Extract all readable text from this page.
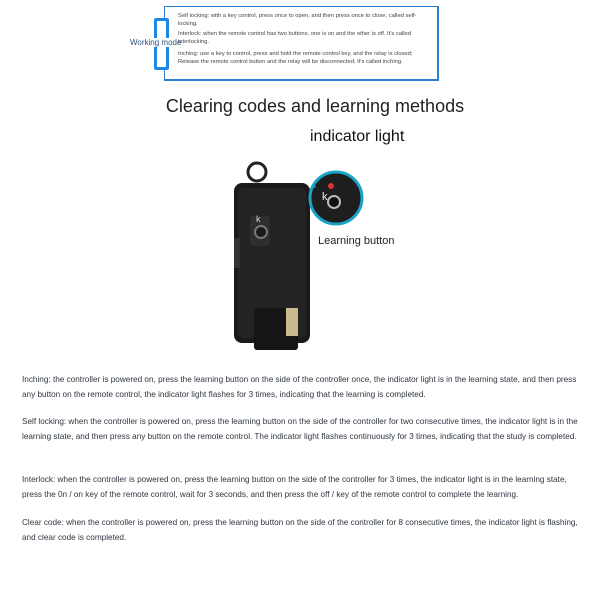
Working mode
Self locking: with a key control, press once to open, and then press once to close, called self-locking.
Interlock: when the remote control has two buttons, one is on and the other is off. It's called interlocking.
Inching: use a key to control, press and hold the remote control key, and the relay is closed; Release the remote control button and the relay will be disconnected; It's called inching.
Clearing codes and learning methods
k
k
indicator light
Learning button
Inching: the controller is powered on, press the learning button on the side of the controller once, the indicator light is in the learning state, and then press any button on the remote control, the indicator light flashes for 3 times, indicating that the learning is completed.
Self locking: when the controller is powered on, press the learning button on the side of the controller for two consecutive times, the indicator light is in the learning state, and then press any button on the remote control. The indicator light flashes continuously for 3 times, indicating that the study is completed.
Interlock: when the controller is powered on, press the learning button on the side of the controller for 3 times, the indicator light is in the learning state, press the 0n / on key of the remote control, wait for 3 seconds, and then press the off / key of the remote control to complete the learning.
Clear code: when the controller is powered on, press the learning button on the side of the controller for 8 consecutive times, the indicator light is flashing, and clear code is completed.
